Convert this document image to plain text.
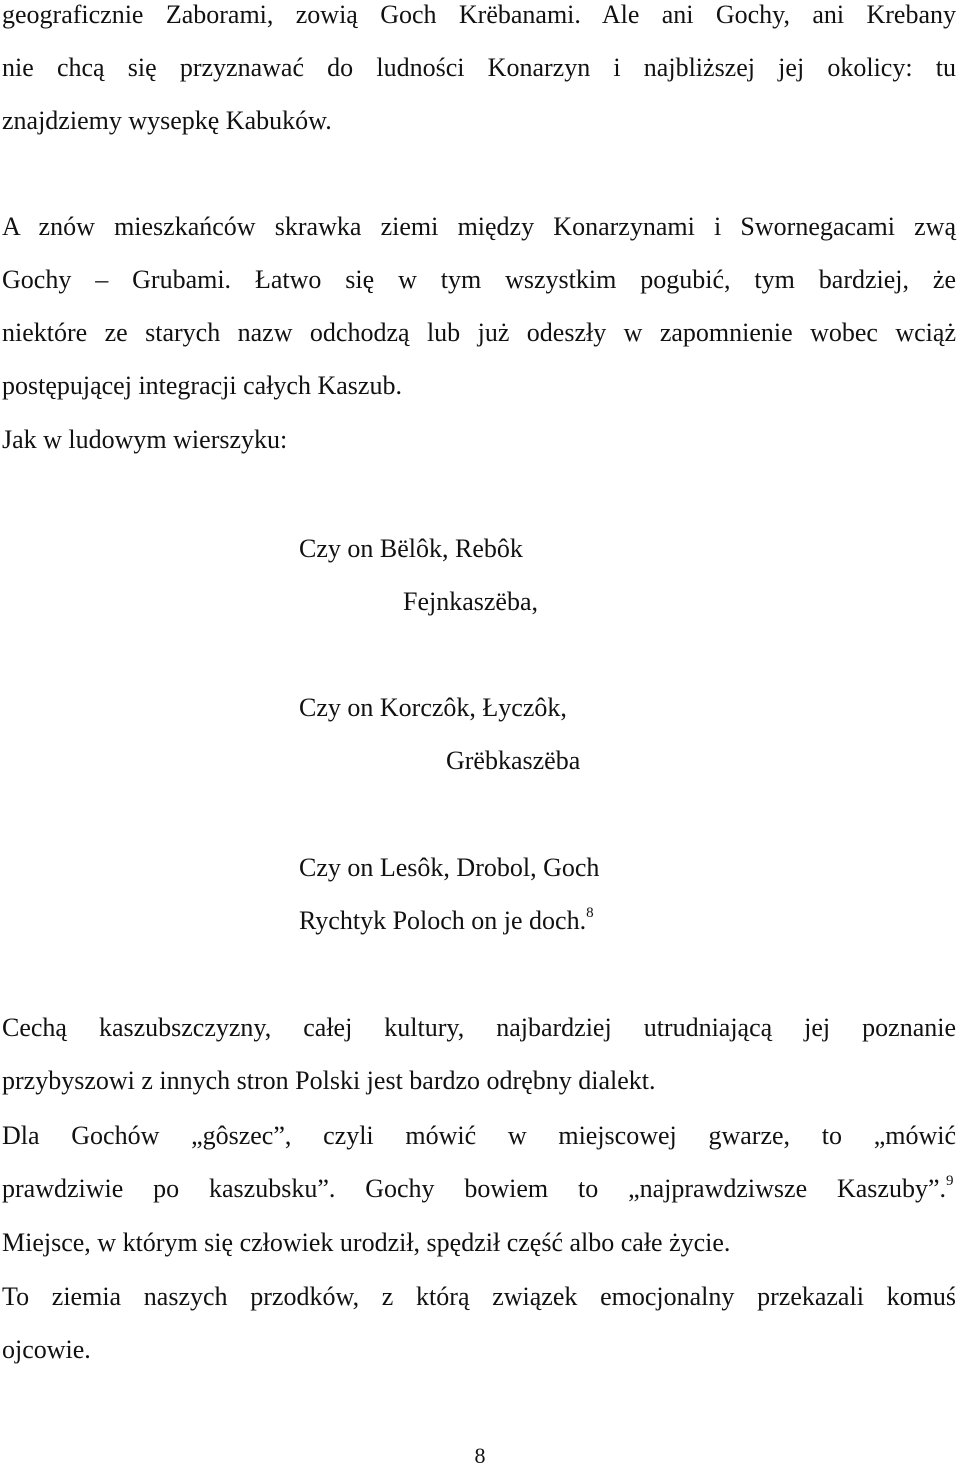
geograficznie Zaborami, zowią Goch Krëbanami. Ale ani Gochy, ani Krebany
nie chcą się przyznawać do ludności Konarzyn i najbliższej jej okolicy: tu
znajdziemy wysepkę Kabuków.
A znów mieszkańców skrawka ziemi między Konarzynami i Swornegacami zwą
Gochy – Grubami. Łatwo się w tym wszystkim pogubić, tym bardziej, że
niektóre ze starych nazw odchodzą lub już odeszły w zapomnienie wobec wciąż
postępującej integracji całych Kaszub.
Jak w ludowym wierszyku:
Czy on Bëlôk, Rebôk
Fejnkaszëba,
Czy on Korczôk, Łyczôk,
Grëbkaszëba
Czy on Lesôk, Drobol, Goch
Rychtyk Poloch on je doch.$^8$
Cechą kaszubszczyzny, całej kultury, najbardziej utrudniającą jej poznanie
przybyszowi z innych stron Polski jest bardzo odrębny dialekt.
Dla Gochów „gôszec”, czyli mówić w miejscowej gwarze, to „mówić
prawdziwie po kaszubsku”. Gochy bowiem to „najprawdziwsze Kaszuby”.$^9$
Miejsce, w którym się człowiek urodził, spędził część albo całe życie.
To ziemia naszych przodków, z którą związek emocjonalny przekazali komuś
ojcowie.
8
